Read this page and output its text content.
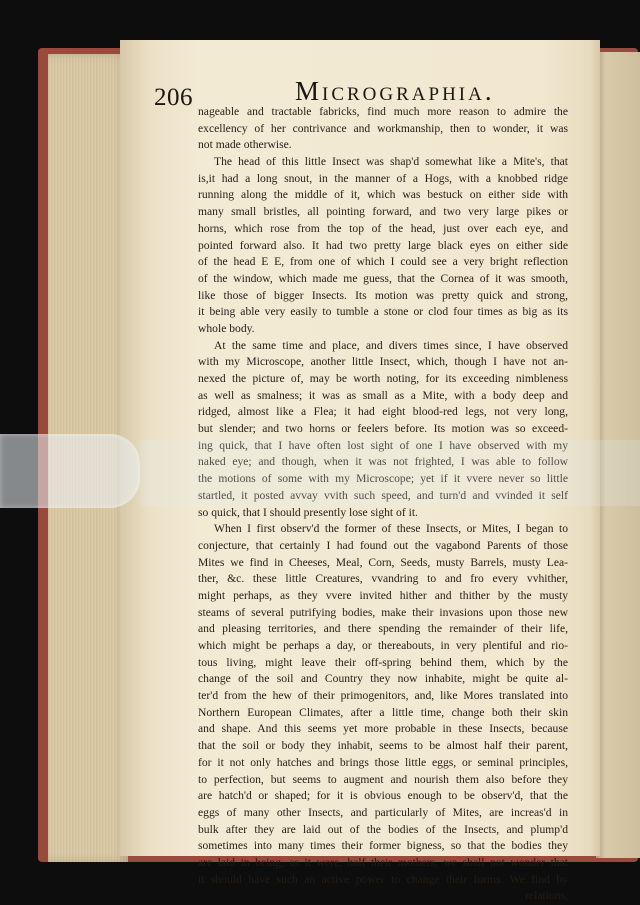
206	Micrographia.
nageable and tractable fabricks, find much more reason to admire the
excellency of her contrivance and workmanship, then to wonder, it was
not made otherwise.
The head of this little Insect was shap'd somewhat like a Mite's, that
is,it had a long snout, in the manner of a Hogs, with a knobbed ridge
running along the middle of it, which was bestuck on either side with
many small bristles, all pointing forward, and two very large pikes or
horns, which rose from the top of the head, just over each eye, and
pointed forward also. It had two pretty large black eyes on either side
of the head E E, from one of which I could see a very bright reflection
of the window, which made me guess, that the Cornea of it was smooth,
like those of bigger Insects. Its motion was pretty quick and strong,
it being able very easily to tumble a stone or clod four times as big as its
whole body.
At the same time and place, and divers times since, I have observed
with my Microscope, another little Insect, which, though I have not an-
nexed the picture of, may be worth noting, for its exceeding nimbleness
as well as smalness; it was as small as a Mite, with a body deep and
ridged, almost like a Flea; it had eight blood-red legs, not very long,
but slender; and two horns or feelers before. Its motion was so exceed-
ing quick, that I have often lost sight of one I have observed with my
naked eye; and though, when it was not frighted, I was able to follow
the motions of some with my Microscope; yet if it vvere never so little
startled, it posted avvay vvith such speed, and turn'd and vvinded it self
so quick, that I should presently lose sight of it.
When I first observ'd the former of these Insects, or Mites, I began to
conjecture, that certainly I had found out the vagabond Parents of those
Mites we find in Cheeses, Meal, Corn, Seeds, musty Barrels, musty Lea-
ther, &c. these little Creatures, vvandring to and fro every vvhither,
might perhaps, as they vvere invited hither and thither by the musty
steams of several putrifying bodies, make their invasions upon those new
and pleasing territories, and there spending the remainder of their life,
which might be perhaps a day, or thereabouts, in very plentiful and rio-
tous living, might leave their off-spring behind them, which by the
change of the soil and Country they now inhabite, might be quite al-
ter'd from the hew of their primogenitors, and, like Mores translated into
Northern European Climates, after a little time, change both their skin
and shape. And this seems yet more probable in these Insects, because
that the soil or body they inhabit, seems to be almost half their parent,
for it not only hatches and brings those little eggs, or seminal principles,
to perfection, but seems to augment and nourish them also before they
are hatch'd or shaped; for it is obvious enough to be observ'd, that the
eggs of many other Insects, and particularly of Mites, are increas'd in
bulk after they are laid out of the bodies of the Insects, and plump'd
sometimes into many times their former bigness, so that the bodies they
are laid in being, as it were, half their mothers, we shall not wonder that
it should have such an active power to change their forms. We find by
relations,
